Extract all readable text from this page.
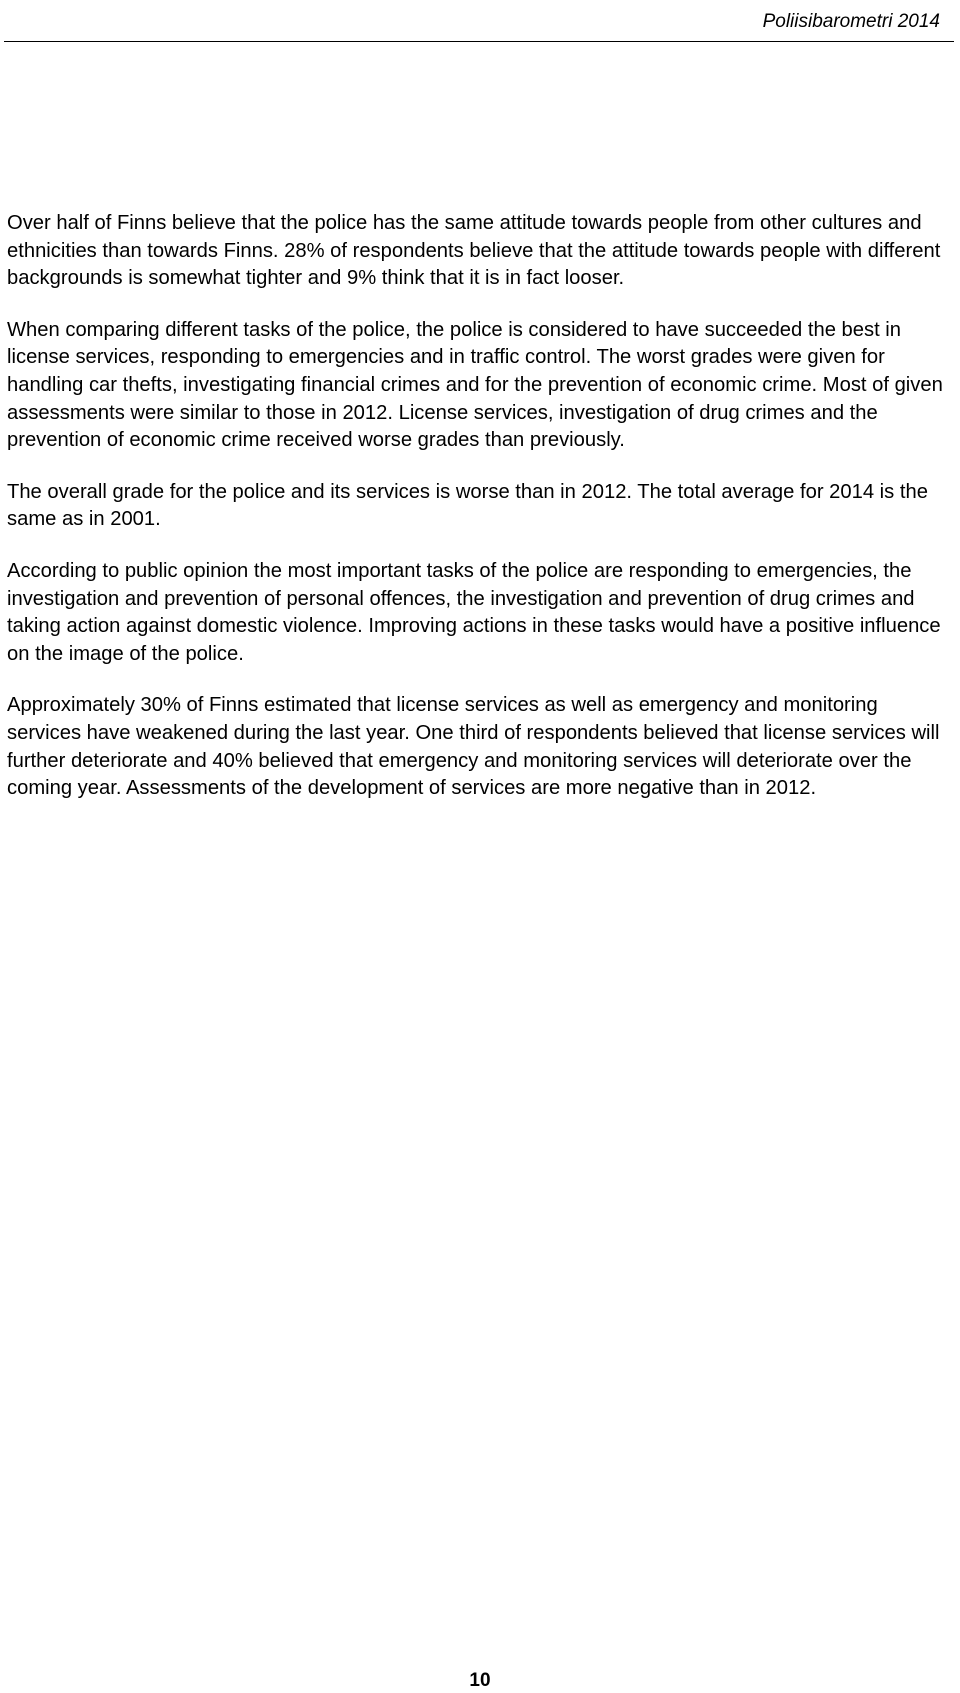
Poliisibarometri 2014

Over half of Finns believe that the police has the same attitude towards people from other cultures and ethnicities than towards Finns. 28% of respondents believe that the attitude towards people with different backgrounds is somewhat tighter and 9% think that it is in fact looser.

When comparing different tasks of the police, the police is considered to have succeeded the best in license services, responding to emergencies and in traffic control. The worst grades were given for handling car thefts, investigating financial crimes and for the prevention of economic crime. Most of given assessments were similar to those in 2012. License services, investigation of drug crimes and the prevention of economic crime received worse grades than previously.

The overall grade for the police and its services is worse than in 2012. The total average for 2014 is the same as in 2001.

According to public opinion the most important tasks of the police are responding to emergencies, the investigation and prevention of personal offences, the investigation and prevention of drug crimes and taking action against domestic violence. Improving actions in these tasks would have a positive influence on the image of the police.

Approximately 30% of Finns estimated that license services as well as emergency and monitoring services have weakened during the last year. One third of respondents believed that license services will further deteriorate and 40% believed that emergency and monitoring services will deteriorate over the coming year. Assessments of the development of services are more negative than in 2012.

10
